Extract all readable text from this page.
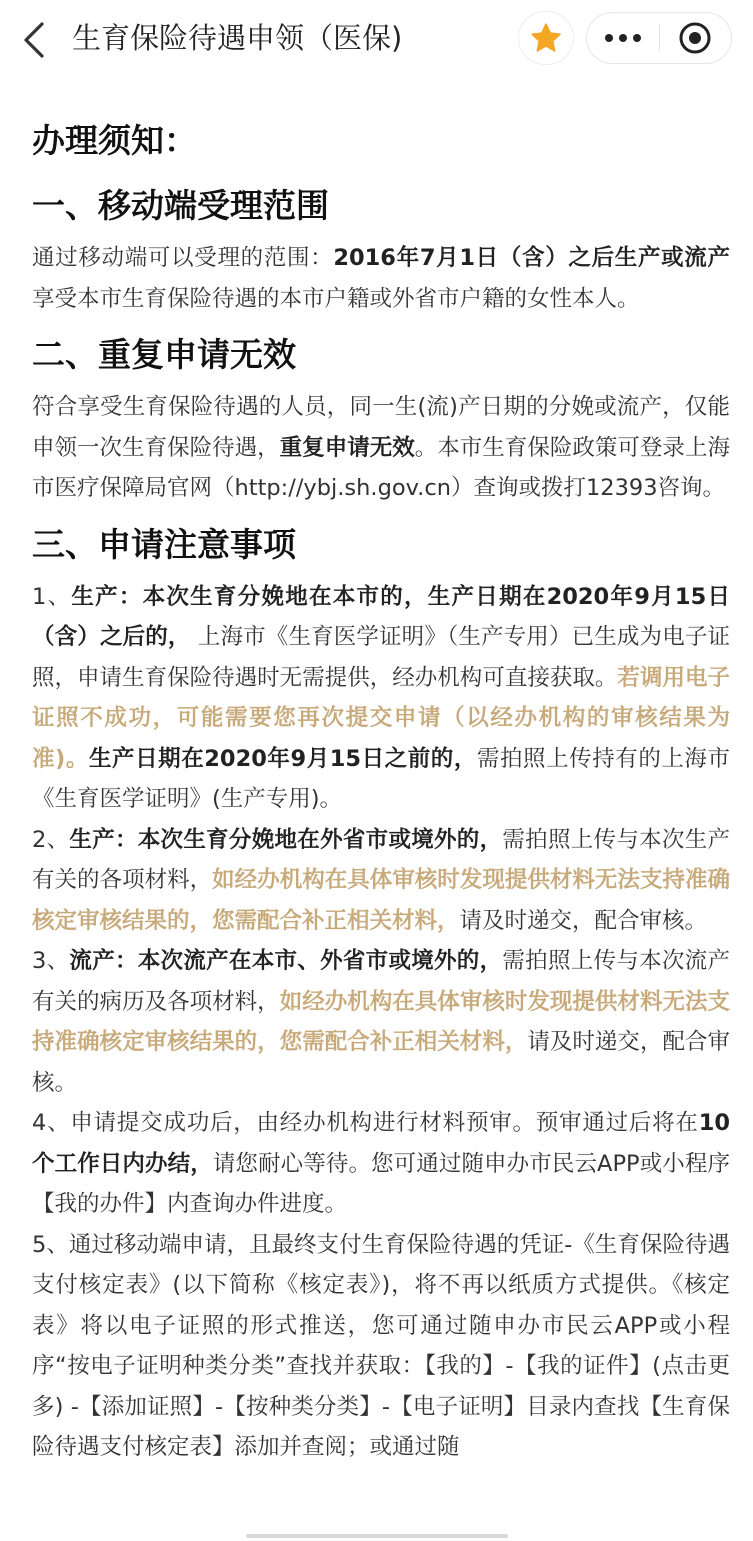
生育保险待遇申领（医保)
办理须知：
一、移动端受理范围

通过移动端可以受理的范围：2016年7月1日（含）之后生产或流产享受本市生育保险待遇的本市户籍或外省市户籍的女性本人。

二、重复申请无效

符合享受生育保险待遇的人员，同一生(流)产日期的分娩或流产，仅能申领一次生育保险待遇，重复申请无效。本市生育保险政策可登录上海市医疗保障局官网（http://ybj.sh.gov.cn）查询或拨打12393咨询。

三、申请注意事项

1、生产：本次生育分娩地在本市的，生产日期在2020年9月15日（含）之后的， 上海市《生育医学证明》（生产专用）已生成为电子证照，申请生育保险待遇时无需提供，经办机构可直接获取。若调用电子证照不成功，可能需要您再次提交申请（以经办机构的审核结果为准)。生产日期在2020年9月15日之前的，需拍照上传持有的上海市《生育医学证明》(生产专用)。

2、生产：本次生育分娩地在外省市或境外的，需拍照上传与本次生产有关的各项材料，如经办机构在具体审核时发现提供材料无法支持准确核定审核结果的，您需配合补正相关材料，请及时递交，配合审核。

3、流产：本次流产在本市、外省市或境外的，需拍照上传与本次流产有关的病历及各项材料，如经办机构在具体审核时发现提供材料无法支持准确核定审核结果的，您需配合补正相关材料，请及时递交，配合审核。

4、申请提交成功后，由经办机构进行材料预审。预审通过后将在10个工作日内办结，请您耐心等待。您可通过随申办市民云APP或小程序【我的办件】内查询办件进度。

5、通过移动端申请，且最终支付生育保险待遇的凭证-《生育保险待遇支付核定表》(以下简称《核定表》)，将不再以纸质方式提供。《核定表》将以电子证照的形式推送，您可通过随申办市民云APP或小程序“按电子证明种类分类”查找并获取：【我的】-【我的证件】(点击更多) -【添加证照】-【按种类分类】-【电子证明】目录内查找【生育保险待遇支付核定表】添加并查阅；或通过随
